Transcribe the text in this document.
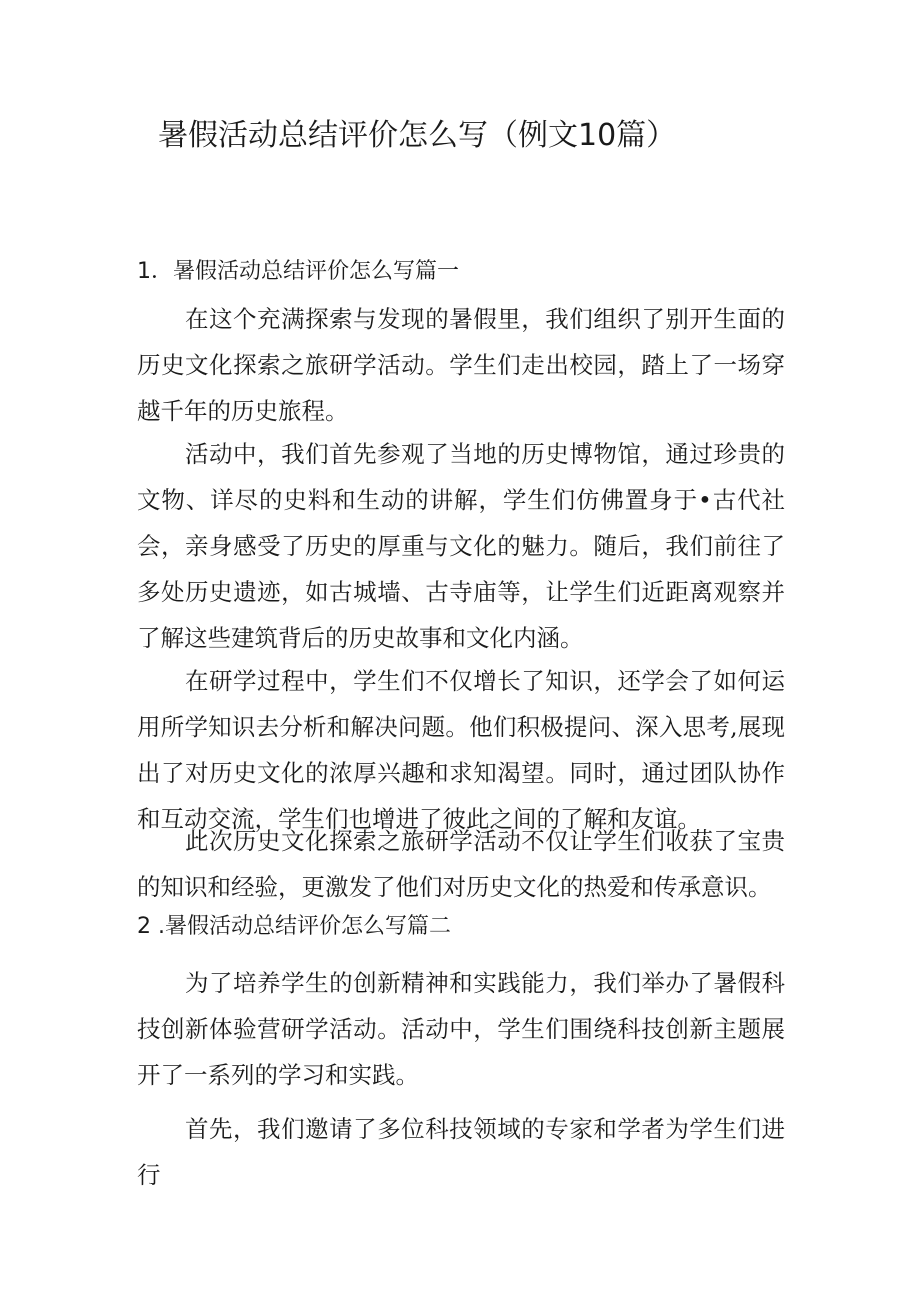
暑假活动总结评价怎么写（例文10篇）
1．暑假活动总结评价怎么写篇一

在这个充满探索与发现的暑假里，我们组织了别开生面的历史文化探索之旅研学活动。学生们走出校园，踏上了一场穿越千年的历史旅程。

活动中，我们首先参观了当地的历史博物馆，通过珍贵的文物、详尽的史料和生动的讲解，学生们仿佛置身于•古代社会，亲身感受了历史的厚重与文化的魅力。随后，我们前往了多处历史遗迹，如古城墙、古寺庙等，让学生们近距离观察并了解这些建筑背后的历史故事和文化内涵。

在研学过程中，学生们不仅增长了知识，还学会了如何运用所学知识去分析和解决问题。他们积极提问、深入思考,展现出了对历史文化的浓厚兴趣和求知渴望。同时，通过团队协作和互动交流，学生们也增进了彼此之间的了解和友谊。

此次历史文化探索之旅研学活动不仅让学生们收获了宝贵的知识和经验，更激发了他们对历史文化的热爱和传承意识。

2 .暑假活动总结评价怎么写篇二

为了培养学生的创新精神和实践能力，我们举办了暑假科技创新体验营研学活动。活动中，学生们围绕科技创新主题展开了一系列的学习和实践。

首先，我们邀请了多位科技领域的专家和学者为学生们进行
